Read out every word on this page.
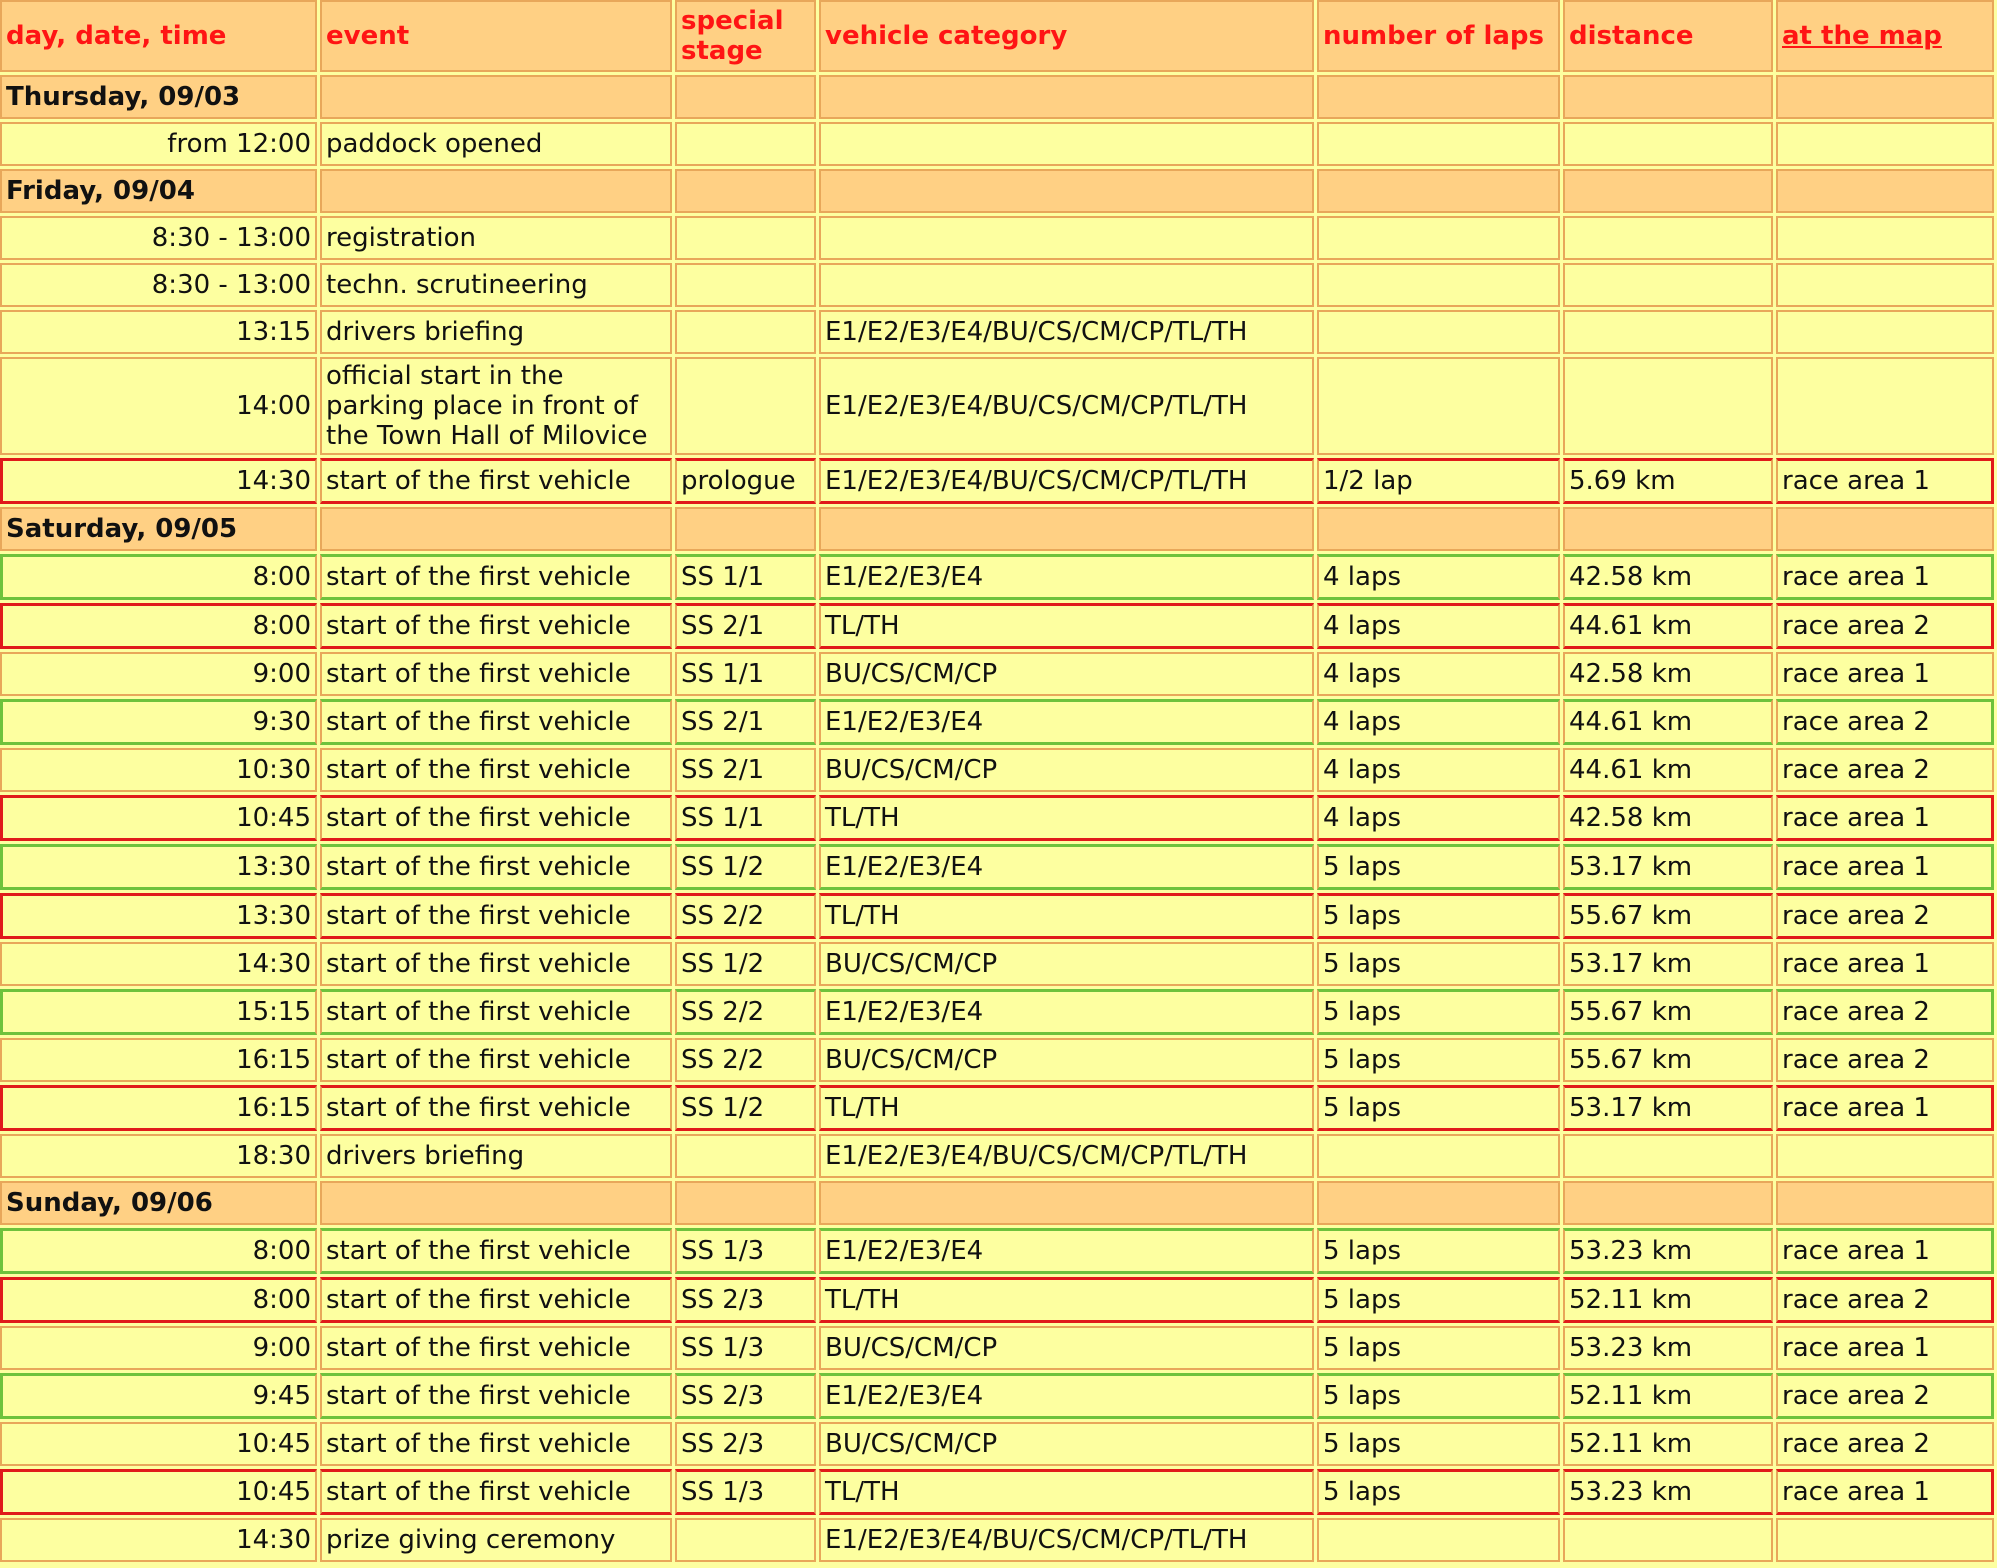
day, date, time	event	special stage	vehicle category	number of laps	distance	at the map
Thursday, 09/03						
from 12:00	paddock opened					
Friday, 09/04						
8:30 - 13:00	registration					
8:30 - 13:00	techn. scrutineering					
13:15	drivers briefing		E1/E2/E3/E4/BU/CS/CM/CP/TL/TH			
14:00	official start in the parking place in front of the Town Hall of Milovice		E1/E2/E3/E4/BU/CS/CM/CP/TL/TH			
14:30	start of the first vehicle	prologue	E1/E2/E3/E4/BU/CS/CM/CP/TL/TH	1/2 lap	5.69 km	race area 1
Saturday, 09/05						
8:00	start of the first vehicle	SS 1/1	E1/E2/E3/E4	4 laps	42.58 km	race area 1
8:00	start of the first vehicle	SS 2/1	TL/TH	4 laps	44.61 km	race area 2
9:00	start of the first vehicle	SS 1/1	BU/CS/CM/CP	4 laps	42.58 km	race area 1
9:30	start of the first vehicle	SS 2/1	E1/E2/E3/E4	4 laps	44.61 km	race area 2
10:30	start of the first vehicle	SS 2/1	BU/CS/CM/CP	4 laps	44.61 km	race area 2
10:45	start of the first vehicle	SS 1/1	TL/TH	4 laps	42.58 km	race area 1
13:30	start of the first vehicle	SS 1/2	E1/E2/E3/E4	5 laps	53.17 km	race area 1
13:30	start of the first vehicle	SS 2/2	TL/TH	5 laps	55.67 km	race area 2
14:30	start of the first vehicle	SS 1/2	BU/CS/CM/CP	5 laps	53.17 km	race area 1
15:15	start of the first vehicle	SS 2/2	E1/E2/E3/E4	5 laps	55.67 km	race area 2
16:15	start of the first vehicle	SS 2/2	BU/CS/CM/CP	5 laps	55.67 km	race area 2
16:15	start of the first vehicle	SS 1/2	TL/TH	5 laps	53.17 km	race area 1
18:30	drivers briefing		E1/E2/E3/E4/BU/CS/CM/CP/TL/TH			
Sunday, 09/06						
8:00	start of the first vehicle	SS 1/3	E1/E2/E3/E4	5 laps	53.23 km	race area 1
8:00	start of the first vehicle	SS 2/3	TL/TH	5 laps	52.11 km	race area 2
9:00	start of the first vehicle	SS 1/3	BU/CS/CM/CP	5 laps	53.23 km	race area 1
9:45	start of the first vehicle	SS 2/3	E1/E2/E3/E4	5 laps	52.11 km	race area 2
10:45	start of the first vehicle	SS 2/3	BU/CS/CM/CP	5 laps	52.11 km	race area 2
10:45	start of the first vehicle	SS 1/3	TL/TH	5 laps	53.23 km	race area 1
14:30	prize giving ceremony		E1/E2/E3/E4/BU/CS/CM/CP/TL/TH			
